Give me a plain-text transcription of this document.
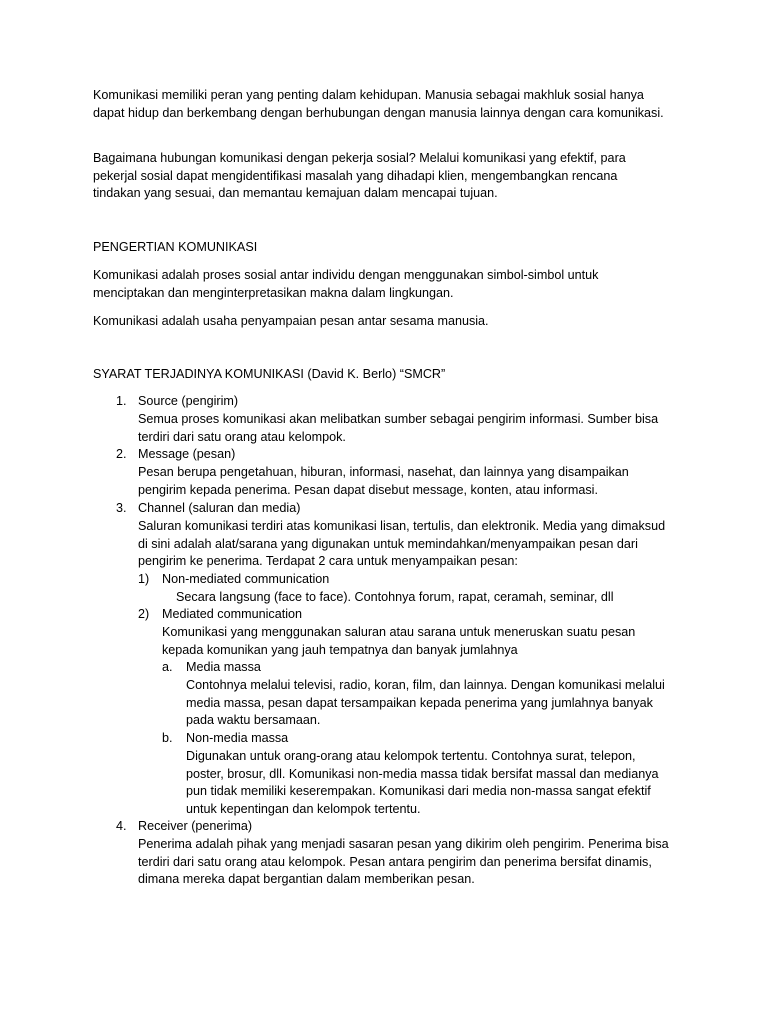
Komunikasi memiliki peran yang penting dalam kehidupan. Manusia sebagai makhluk sosial hanya dapat hidup dan berkembang dengan berhubungan dengan manusia lainnya dengan cara komunikasi.

Bagaimana hubungan komunikasi dengan pekerja sosial? Melalui komunikasi yang efektif, para pekerjal sosial dapat mengidentifikasi masalah yang dihadapi klien, mengembangkan rencana tindakan yang sesuai, dan memantau kemajuan dalam mencapai tujuan.

PENGERTIAN KOMUNIKASI

Komunikasi adalah proses sosial antar individu dengan menggunakan simbol-simbol untuk menciptakan dan menginterpretasikan makna dalam lingkungan.

Komunikasi adalah usaha penyampaian pesan antar sesama manusia.

SYARAT TERJADINYA KOMUNIKASI (David K. Berlo) “SMCR”

1. Source (pengirim)

Semua proses komunikasi akan melibatkan sumber sebagai pengirim informasi. Sumber bisa terdiri dari satu orang atau kelompok.

2. Message (pesan)

Pesan berupa pengetahuan, hiburan, informasi, nasehat, dan lainnya yang disampaikan pengirim kepada penerima. Pesan dapat disebut message, konten, atau informasi.

3. Channel (saluran dan media)

Saluran komunikasi terdiri atas komunikasi lisan, tertulis, dan elektronik. Media yang dimaksud di sini adalah alat/sarana yang digunakan untuk memindahkan/menyampaikan pesan dari pengirim ke penerima. Terdapat 2 cara untuk menyampaikan pesan:

1) Non-mediated communication

Secara langsung (face to face). Contohnya forum, rapat, ceramah, seminar, dll

2) Mediated communication

Komunikasi yang menggunakan saluran atau sarana untuk meneruskan suatu pesan kepada komunikan yang jauh tempatnya dan banyak jumlahnya

a. Media massa

Contohnya melalui televisi, radio, koran, film, dan lainnya. Dengan komunikasi melalui media massa, pesan dapat tersampaikan kepada penerima yang jumlahnya banyak pada waktu bersamaan.

b. Non-media massa

Digunakan untuk orang-orang atau kelompok tertentu. Contohnya surat, telepon, poster, brosur, dll. Komunikasi non-media massa tidak bersifat massal dan medianya pun tidak memiliki keserempakan. Komunikasi dari media non-massa sangat efektif untuk kepentingan dan kelompok tertentu.

4. Receiver (penerima)

Penerima adalah pihak yang menjadi sasaran pesan yang dikirim oleh pengirim. Penerima bisa terdiri dari satu orang atau kelompok. Pesan antara pengirim dan penerima bersifat dinamis, dimana mereka dapat bergantian dalam memberikan pesan.
